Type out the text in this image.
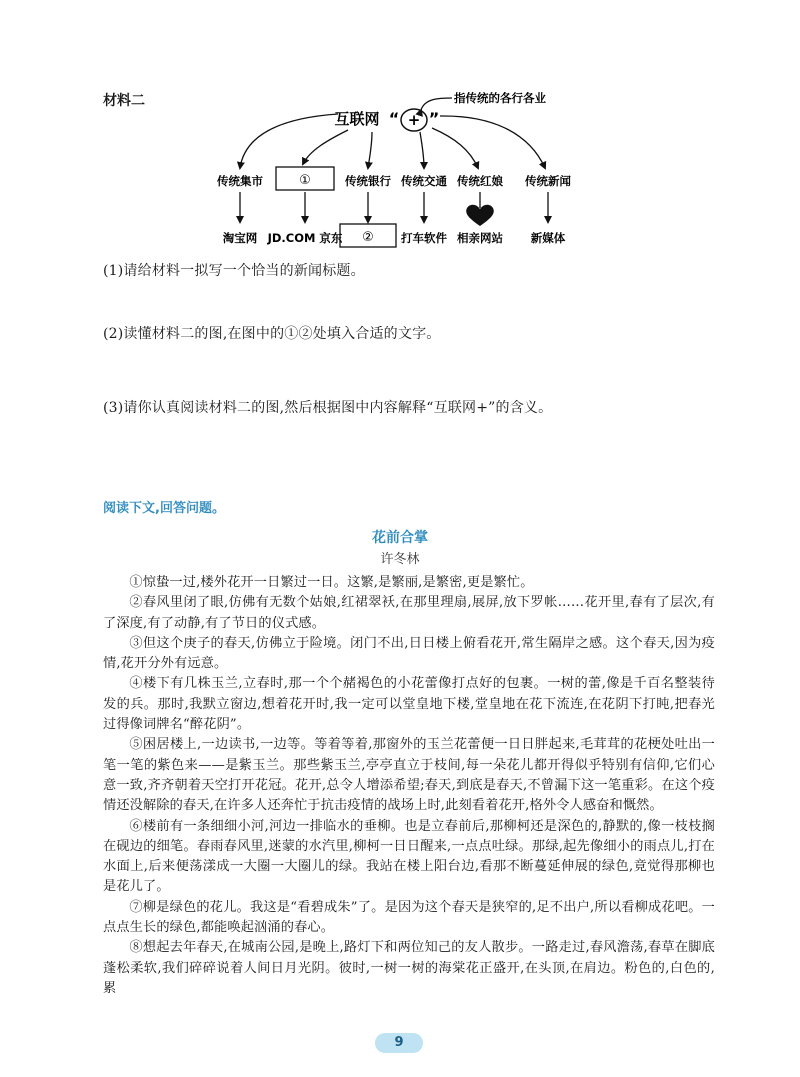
材料二
互联网 “ + ”
指传统的各行各业
传统集市	①	传统银行 传统交通 传统红娘 传统新闻
淘宝网 JD.COM 京东 ② 打车软件 相亲网站 新媒体
(1)请给材料一拟写一个恰当的新闻标题。
(2)读懂材料二的图,在图中的①②处填入合适的文字。
(3)请你认真阅读材料二的图,然后根据图中内容解释“互联网+”的含义。
阅读下文,回答问题。
花前合掌
许冬林

①惊蛰一过,楼外花开一日繁过一日。这繁,是繁丽,是繁密,更是繁忙。

②春风里闭了眼,仿佛有无数个姑娘,红裙翠袄,在那里理扇,展屏,放下罗帐……花开里,春有了层次,有了深度,有了动静,有了节日的仪式感。

③但这个庚子的春天,仿佛立于险境。闭门不出,日日楼上俯看花开,常生隔岸之感。这个春天,因为疫情,花开分外有远意。

④楼下有几株玉兰,立春时,那一个个赭褐色的小花蕾像打点好的包裹。一树的蕾,像是千百名整装待发的兵。那时,我默立窗边,想着花开时,我一定可以堂皇地下楼,堂皇地在花下流连,在花阴下打盹,把春光过得像词牌名“醉花阴”。

⑤困居楼上,一边读书,一边等。等着等着,那窗外的玉兰花蕾便一日日胖起来,毛茸茸的花梗处吐出一笔一笔的紫色来——是紫玉兰。那些紫玉兰,亭亭直立于枝间,每一朵花儿都开得似乎特别有信仰,它们心意一致,齐齐朝着天空打开花冠。花开,总令人增添希望;春天,到底是春天,不曾漏下这一笔重彩。在这个疫情还没解除的春天,在许多人还奔忙于抗击疫情的战场上时,此刻看着花开,格外令人感奋和慨然。

⑥楼前有一条细细小河,河边一排临水的垂柳。也是立春前后,那柳柯还是深色的,静默的,像一枝枝搁在砚边的细笔。春雨春风里,迷蒙的水汽里,柳柯一日日醒来,一点点吐绿。那绿,起先像细小的雨点儿,打在水面上,后来便荡漾成一大圈一大圈儿的绿。我站在楼上阳台边,看那不断蔓延伸展的绿色,竟觉得那柳也是花儿了。

⑦柳是绿色的花儿。我这是“看碧成朱”了。是因为这个春天是狭窄的,足不出户,所以看柳成花吧。一点点生长的绿色,都能唤起汹涌的春心。

⑧想起去年春天,在城南公园,是晚上,路灯下和两位知己的友人散步。一路走过,春风澹荡,春草在脚底蓬松柔软,我们碎碎说着人间日月光阴。彼时,一树一树的海棠花正盛开,在头顶,在肩边。粉色的,白色的,累

9
